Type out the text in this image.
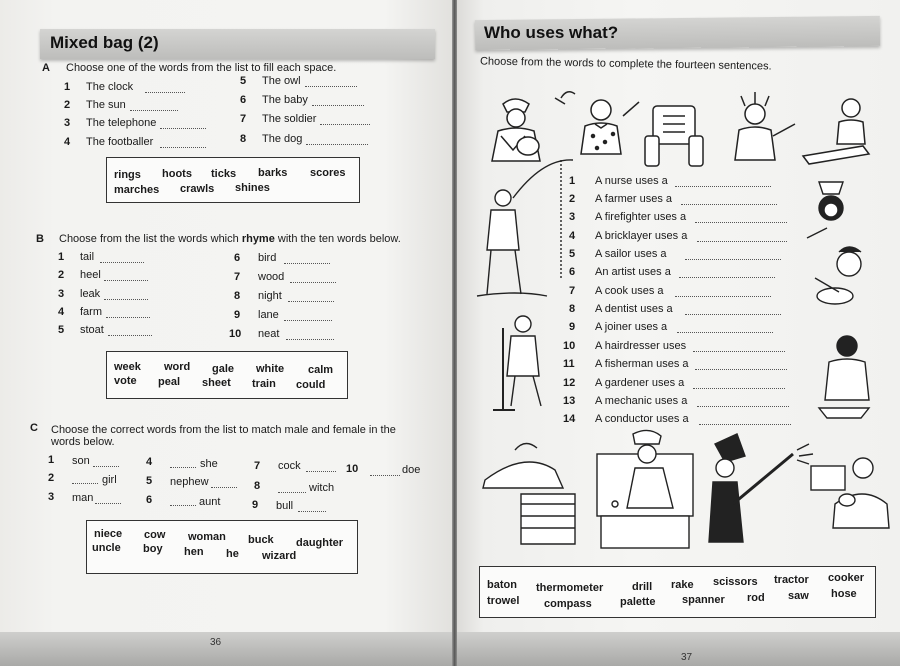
Mixed bag (2)
A Choose one of the words from the list to fill each space.
1 The clock
2 The sun
3 The telephone
4 The footballer
5 The owl
6 The baby
7 The soldier
8 The dog
rings hoots ticks barks scores
marches crawls shines
B Choose from the list the words which rhyme with the ten words below.
1 tail
2 heel
3 leak
4 farm
5 stoat
6 bird
7 wood
8 night
9 lane
10 neat
week word gale white calm
vote peal sheet train could
C Choose the correct words from the list to match male and female in the
words below.
1 son
2	girl
3 man
4	she
5 nephew
6	aunt
7 cock
8	witch
9 bull
10	doe
niece cow woman buck daughter
uncle boy hen he wizard
36
Who uses what?
Choose from the words to complete the fourteen sentences.
1 A nurse uses a
2 A farmer uses a
3 A firefighter uses a
4 A bricklayer uses a
5 A sailor uses a
6 An artist uses a
7 A cook uses a
8 A dentist uses a
9 A joiner uses a
10 A hairdresser uses
11 A fisherman uses a
12 A gardener uses a
13 A mechanic uses a
14 A conductor uses a
baton thermometer	drill rake scissors tractor cooker
trowel compass	palette spanner rod saw hose
37
